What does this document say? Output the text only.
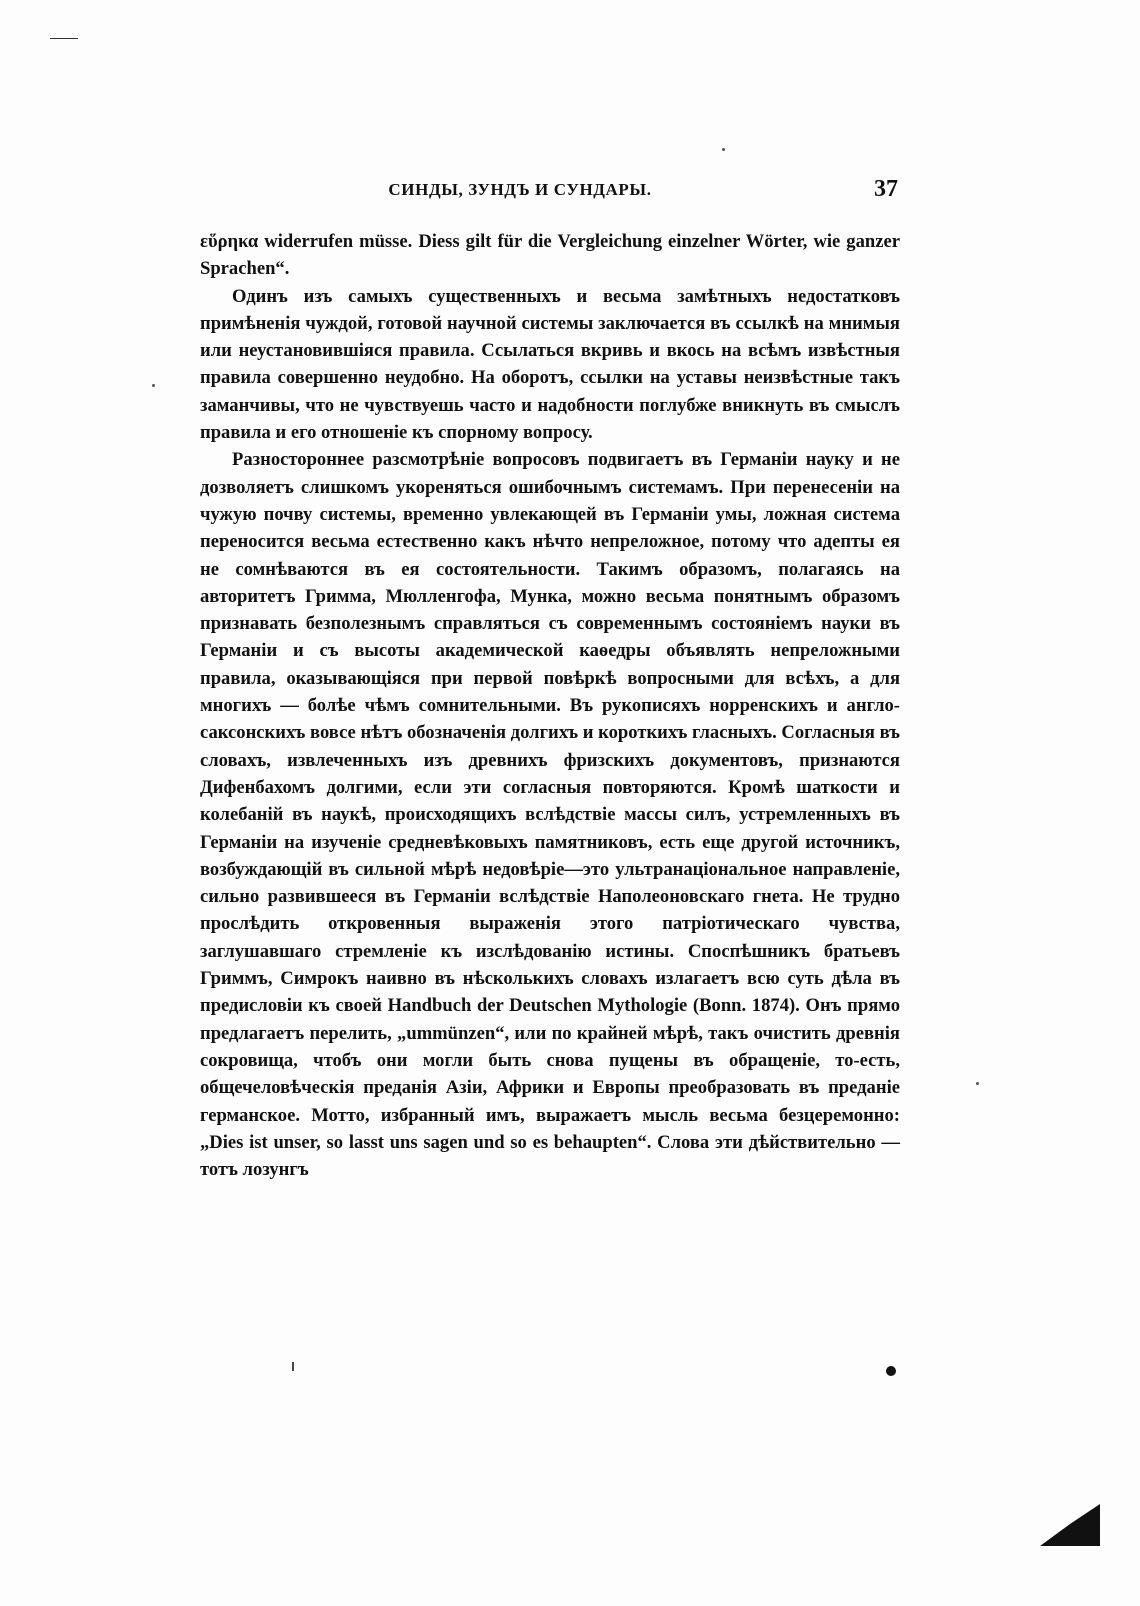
СИНДЫ, ЗУНДЪ И СУНДАРЫ.	37

εὕρηκα widerrufen müsse. Diess gilt für die Vergleichung einzelner Wörter, wie ganzer Sprachen“.

Одинъ изъ самыхъ существенныхъ и весьма замѣтныхъ недостатковъ примѣненія чуждой, готовой научной системы заключается въ ссылкѣ на мнимыя или неустановившіяся правила. Ссылаться вкривь и вкось на всѣмъ извѣстныя правила совершенно неудобно. На оборотъ, ссылки на уставы неизвѣстные такъ заманчивы, что не чувствуешь часто и надобности поглубже вникнуть въ смыслъ правила и его отношеніе къ спорному вопросу.

Разностороннее разсмотрѣніе вопросовъ подвигаетъ въ Германіи науку и не дозволяетъ слишкомъ укореняться ошибочнымъ системамъ. При перенесеніи на чужую почву системы, временно увлекающей въ Германіи умы, ложная система переносится весьма естественно какъ нѣчто непреложное, потому что адепты ея не сомнѣваются въ ея состоятельности. Такимъ образомъ, полагаясь на авторитетъ Гримма, Мюлленгофа, Мунка, можно весьма понятнымъ образомъ признавать безполезнымъ справляться съ современнымъ состояніемъ науки въ Германіи и съ высоты академической каѳедры объявлять непреложными правила, оказывающіяся при первой повѣркѣ вопросными для всѣхъ, а для многихъ — болѣе чѣмъ сомнительными. Въ рукописяхъ норренскихъ и англо-саксонскихъ вовсе нѣтъ обозначенія долгихъ и короткихъ гласныхъ. Согласныя въ словахъ, извлеченныхъ изъ древнихъ фризскихъ документовъ, признаются Дифенбахомъ долгими, если эти согласныя повторяются. Кромѣ шаткости и колебаній въ наукѣ, происходящихъ вслѣдствіе массы силъ, устремленныхъ въ Германіи на изученіе средневѣковыхъ памятниковъ, есть еще другой источникъ, возбуждающій въ сильной мѣрѣ недовѣріе—это ультранаціональное направленіе, сильно развившееся въ Германіи вслѣдствіе Наполеоновскаго гнета. Не трудно прослѣдить откровенныя выраженія этого патріотическаго чувства, заглушавшаго стремленіе къ изслѣдованію истины. Споспѣшникъ братьевъ Гриммъ, Симрокъ наивно въ нѣсколькихъ словахъ излагаетъ всю суть дѣла въ предисловіи къ своей Handbuch der Deutschen Mythologie (Bonn. 1874). Онъ прямо предлагаетъ перелить, „ummünzen“, или по крайней мѣрѣ, такъ очистить древнія сокровища, чтобъ они могли быть снова пущены въ обращеніе, то-есть, общечеловѣческія преданія Азіи, Африки и Европы преобразовать въ преданіе германское. Мотто, избранный имъ, выражаетъ мысль весьма безцеремонно: „Dies ist unser, so lasst uns sagen und so es behaupten“. Слова эти дѣйствительно — тотъ лозунгъ
